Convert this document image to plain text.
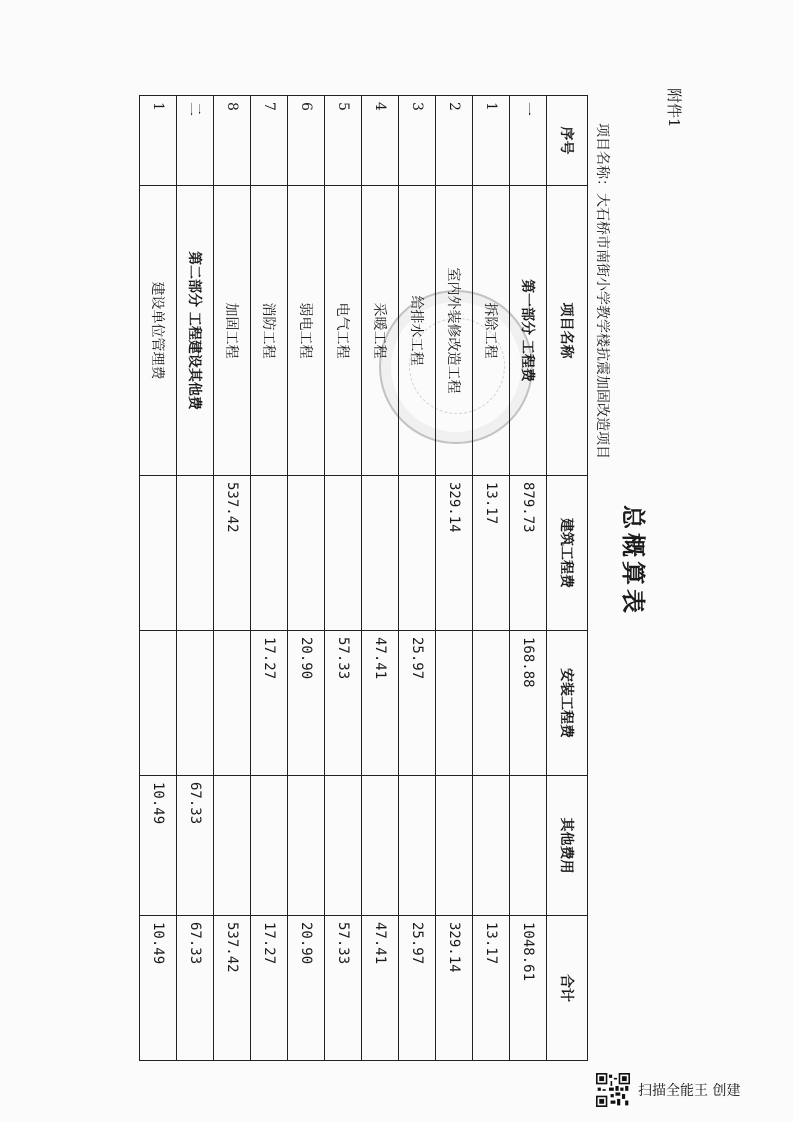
附件1
总概算表
项目名称：大石桥市南街小学教学楼抗震加固改造项目
序号	项目名称	建筑工程费	安装工程费	其他费用	合计
一	第一部分 工程费	879.73	168.88		1048.61
1	拆除工程	13.17			13.17
2	室内外装修改造工程	329.14			329.14
3	给排水工程		25.97		25.97
4	采暖工程		47.41		47.41
5	电气工程		57.33		57.33
6	弱电工程		20.90		20.90
7	消防工程		17.27		17.27
8	加固工程	537.42			537.42
二	第二部分 工程建设其他费			67.33	67.33
1	建设单位管理费			10.49	10.49
扫描全能王 创建
